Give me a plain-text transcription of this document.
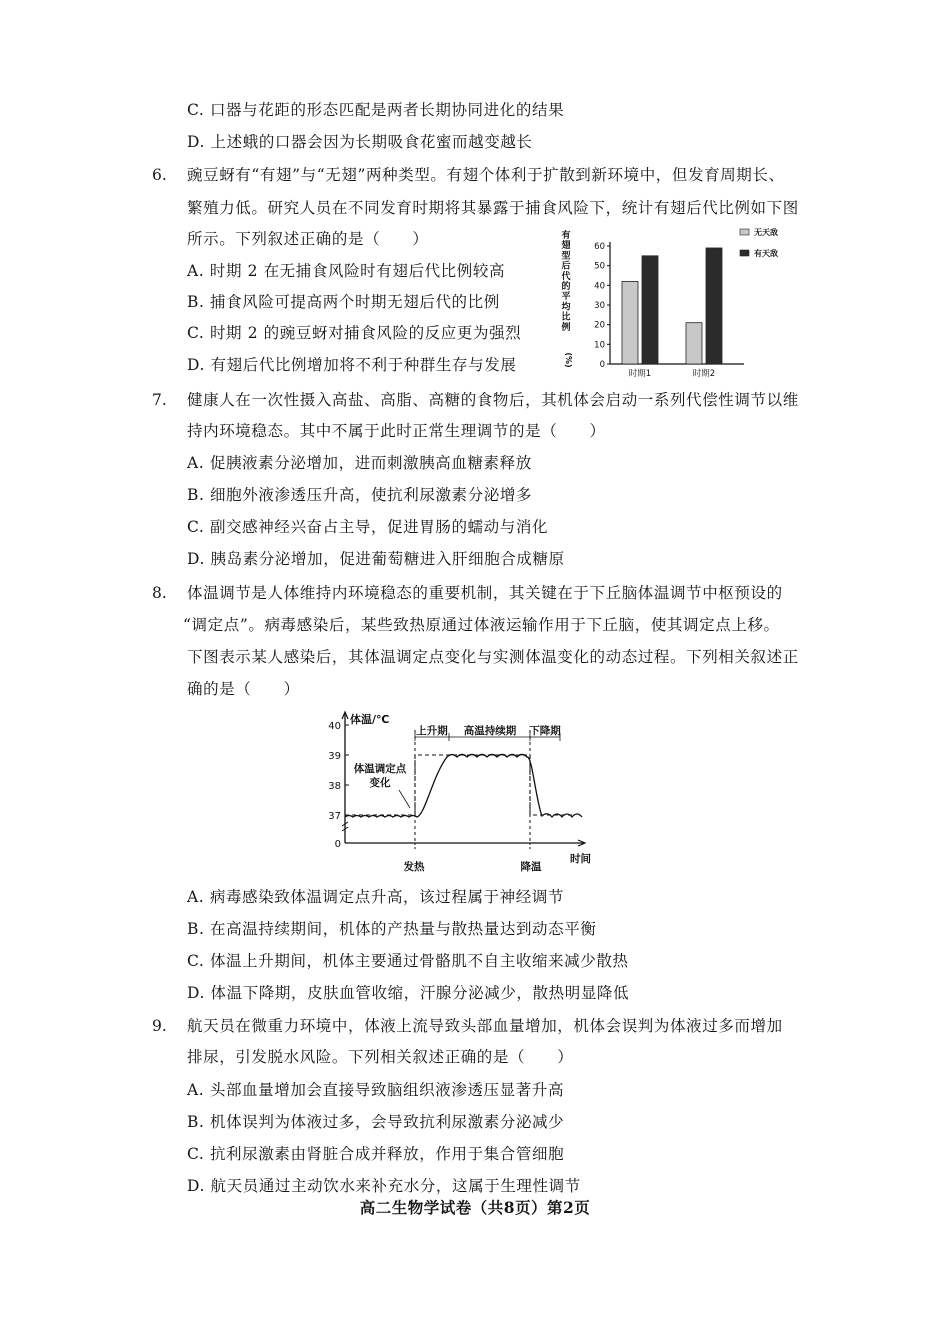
C. 口器与花距的形态匹配是两者长期协同进化的结果
D. 上述蛾的口器会因为长期吸食花蜜而越变越长
6. 豌豆蚜有“有翅”与“无翅”两种类型。有翅个体利于扩散到新环境中，但发育周期长、
繁殖力低。研究人员在不同发育时期将其暴露于捕食风险下，统计有翅后代比例如下图
所示。下列叙述正确的是（　　）
A. 时期 2 在无捕食风险时有翅后代比例较高
B. 捕食风险可提高两个时期无翅后代的比例
C. 时期 2 的豌豆蚜对捕食风险的反应更为强烈
D. 有翅后代比例增加将不利于种群生存与发展
有
翅
型
后
代
的
平
均
比
例
(%)	0
10
20
30
40
50
60
时期1	时期2
无天敌
有天敌
7. 健康人在一次性摄入高盐、高脂、高糖的食物后，其机体会启动一系列代偿性调节以维
持内环境稳态。其中不属于此时正常生理调节的是（　　）
A. 促胰液素分泌增加，进而刺激胰高血糖素释放
B. 细胞外液渗透压升高，使抗利尿激素分泌增多
C. 副交感神经兴奋占主导，促进胃肠的蠕动与消化
D. 胰岛素分泌增加，促进葡萄糖进入肝细胞合成糖原
8. 体温调节是人体维持内环境稳态的重要机制，其关键在于下丘脑体温调节中枢预设的
“调定点”。病毒感染后，某些致热原通过体液运输作用于下丘脑，使其调定点上移。
下图表示某人感染后，其体温调定点变化与实测体温变化的动态过程。下列相关叙述正
确的是（　　）
体温/℃
0
37
38
39
40	上升期 高温持续期 下降期
体温调定点
变化
发热	降温
时间
A. 病毒感染致体温调定点升高，该过程属于神经调节
B. 在高温持续期间，机体的产热量与散热量达到动态平衡
C. 体温上升期间，机体主要通过骨骼肌不自主收缩来减少散热
D. 体温下降期，皮肤血管收缩，汗腺分泌减少，散热明显降低
9. 航天员在微重力环境中，体液上流导致头部血量增加，机体会误判为体液过多而增加
排尿，引发脱水风险。下列相关叙述正确的是（　　）
A. 头部血量增加会直接导致脑组织液渗透压显著升高
B. 机体误判为体液过多，会导致抗利尿激素分泌减少
C. 抗利尿激素由肾脏合成并释放，作用于集合管细胞
D. 航天员通过主动饮水来补充水分，这属于生理性调节
高二生物学试卷（共8页）第2页
